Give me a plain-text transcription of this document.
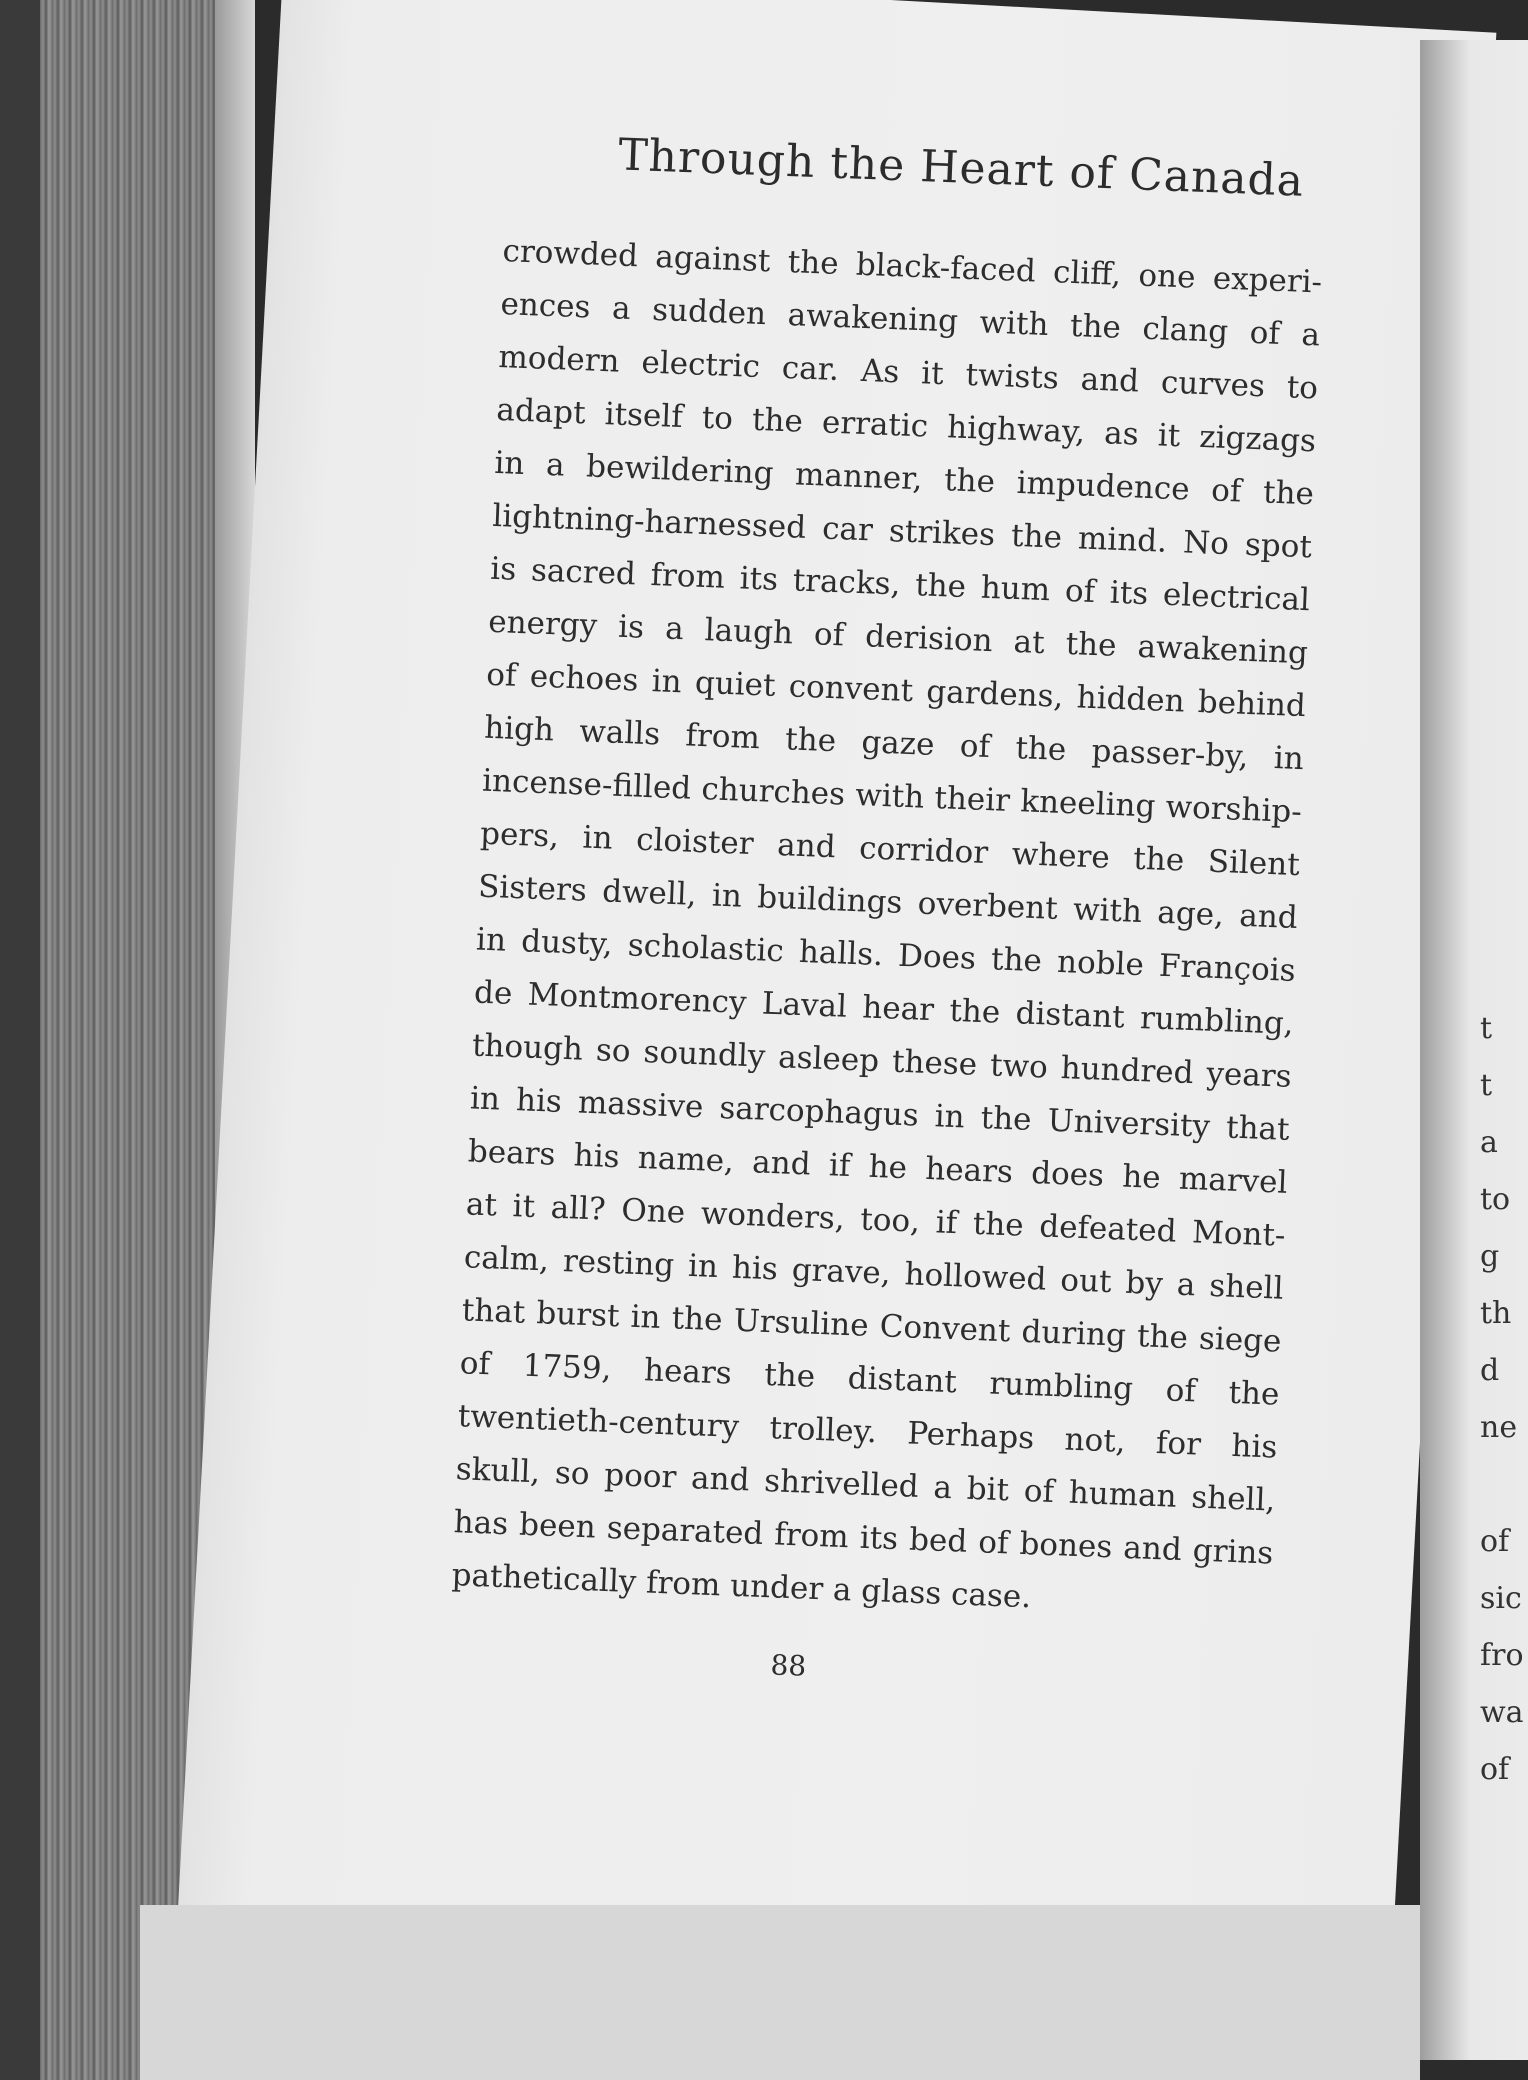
Through the Heart of Canada
crowded against the black-faced cliff, one experi-
ences a sudden awakening with the clang of a
modern electric car. As it twists and curves to
adapt itself to the erratic highway, as it zigzags
in a bewildering manner, the impudence of the
lightning-harnessed car strikes the mind. No spot
is sacred from its tracks, the hum of its electrical
energy is a laugh of derision at the awakening
of echoes in quiet convent gardens, hidden behind
high walls from the gaze of the passer-by, in
incense-filled churches with their kneeling worship-
pers, in cloister and corridor where the Silent
Sisters dwell, in buildings overbent with age, and
in dusty, scholastic halls. Does the noble François
de Montmorency Laval hear the distant rumbling,
though so soundly asleep these two hundred years
in his massive sarcophagus in the University that
bears his name, and if he hears does he marvel
at it all? One wonders, too, if the defeated Mont-
calm, resting in his grave, hollowed out by a shell
that burst in the Ursuline Convent during the siege
of 1759, hears the distant rumbling of the
twentieth-century trolley. Perhaps not, for his
skull, so poor and shrivelled a bit of human shell,
has been separated from its bed of bones and grins
pathetically from under a glass case.
88
t
t
a
to
g
th
d
ne

of
sic
fro
wa
of
